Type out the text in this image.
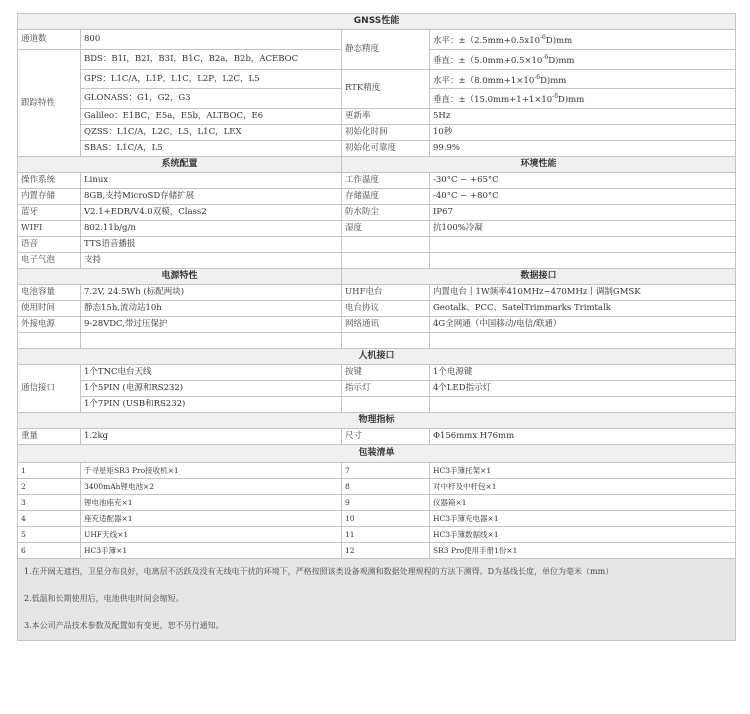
GNSS性能			
通道数	800	静态精度	水平：$\pm(2.5mm+0.5x10^{-6}D)mm$
跟踪特性	BDS：B1I，B2I，B3I，B1C，B2a，B2b，ACEBOC		垂直：$\pm(5.0mm+0.5\times 10^{-6}D)mm$
	GPS：L1C/A，L1P，L1C，L2P，L2C，L5	RTK精度	水平：$\pm(8.0mm+1\times 10^{-6}D)mm$
	GLONASS：G1，G2，G3		垂直：$\pm(15.0mm+1+1\times 10^{-6}D)mm$
	Galileo：E1BC，E5a，E5b，ALTBOC，E6	更新率	5Hz
	QZSS：L1C/A，L2C，L5，L1C，LEX	初始化时间	10秒
	SBAS：L1C/A，L5	初始化可靠度	99.9%
系统配置		环境性能	
操作系统	Linux	工作温度	-30°C ~ +65°C
内置存储	8GB,支持MicroSD存储扩展	存储温度	-40°C ~ +80°C
蓝牙	V2.1+EDR/V4.0双模，Class2	防水防尘	IP67
WIFI	802.11b/g/n	湿度	抗100%冷凝
语音	TTS语音播报		
电子气泡	支持		
电源特性		数据接口	
电池容量	7.2V, 24.5Wh (标配两块)	UHF电台	内置电台丨1W频率410MHz~470MHz丨调制GMSK
使用时间	静态15h,流动站10h	电台协议	Geotalk、PCC、SatelTrimmarks Trimtalk
外接电源	9-28VDC,带过压保护	网络通讯	4G全网通（中国移动/电信/联通）

人机接口			
通信接口	1个TNC电台天线	按键	1个电源键
	1个5PIN (电源和RS232)	指示灯	4个LED指示灯
	1个7PIN (USB和RS232)		
物理指标			
重量	1.2kg	尺寸	Φ156mmx H76mm
包装清单			
1	千寻星矩SR3 Pro接收机×1	7	HC3手簿托架×1
2	3400mAh锂电池×2	8	对中杆及中杆包×1
3	锂电池座充×1	9	仪器箱×1
4	座充适配器×1	10	HC3手簿充电器×1
5	UHF天线×1	11	HC3手簿数据线×1
6	HC3手簿×1	12	SR3 Pro使用手册1份×1

1.在开阔无遮挡，卫星分布良好，电离层不活跃及没有无线电干扰的环境下，严格按照该类设备观测和数据处理规程的方法下测得。D为基线长度，单位为毫米（mm）
2.低温和长期使用后，电池供电时间会缩短。
3.本公司产品技术参数及配置如有变更，恕不另行通知。			
